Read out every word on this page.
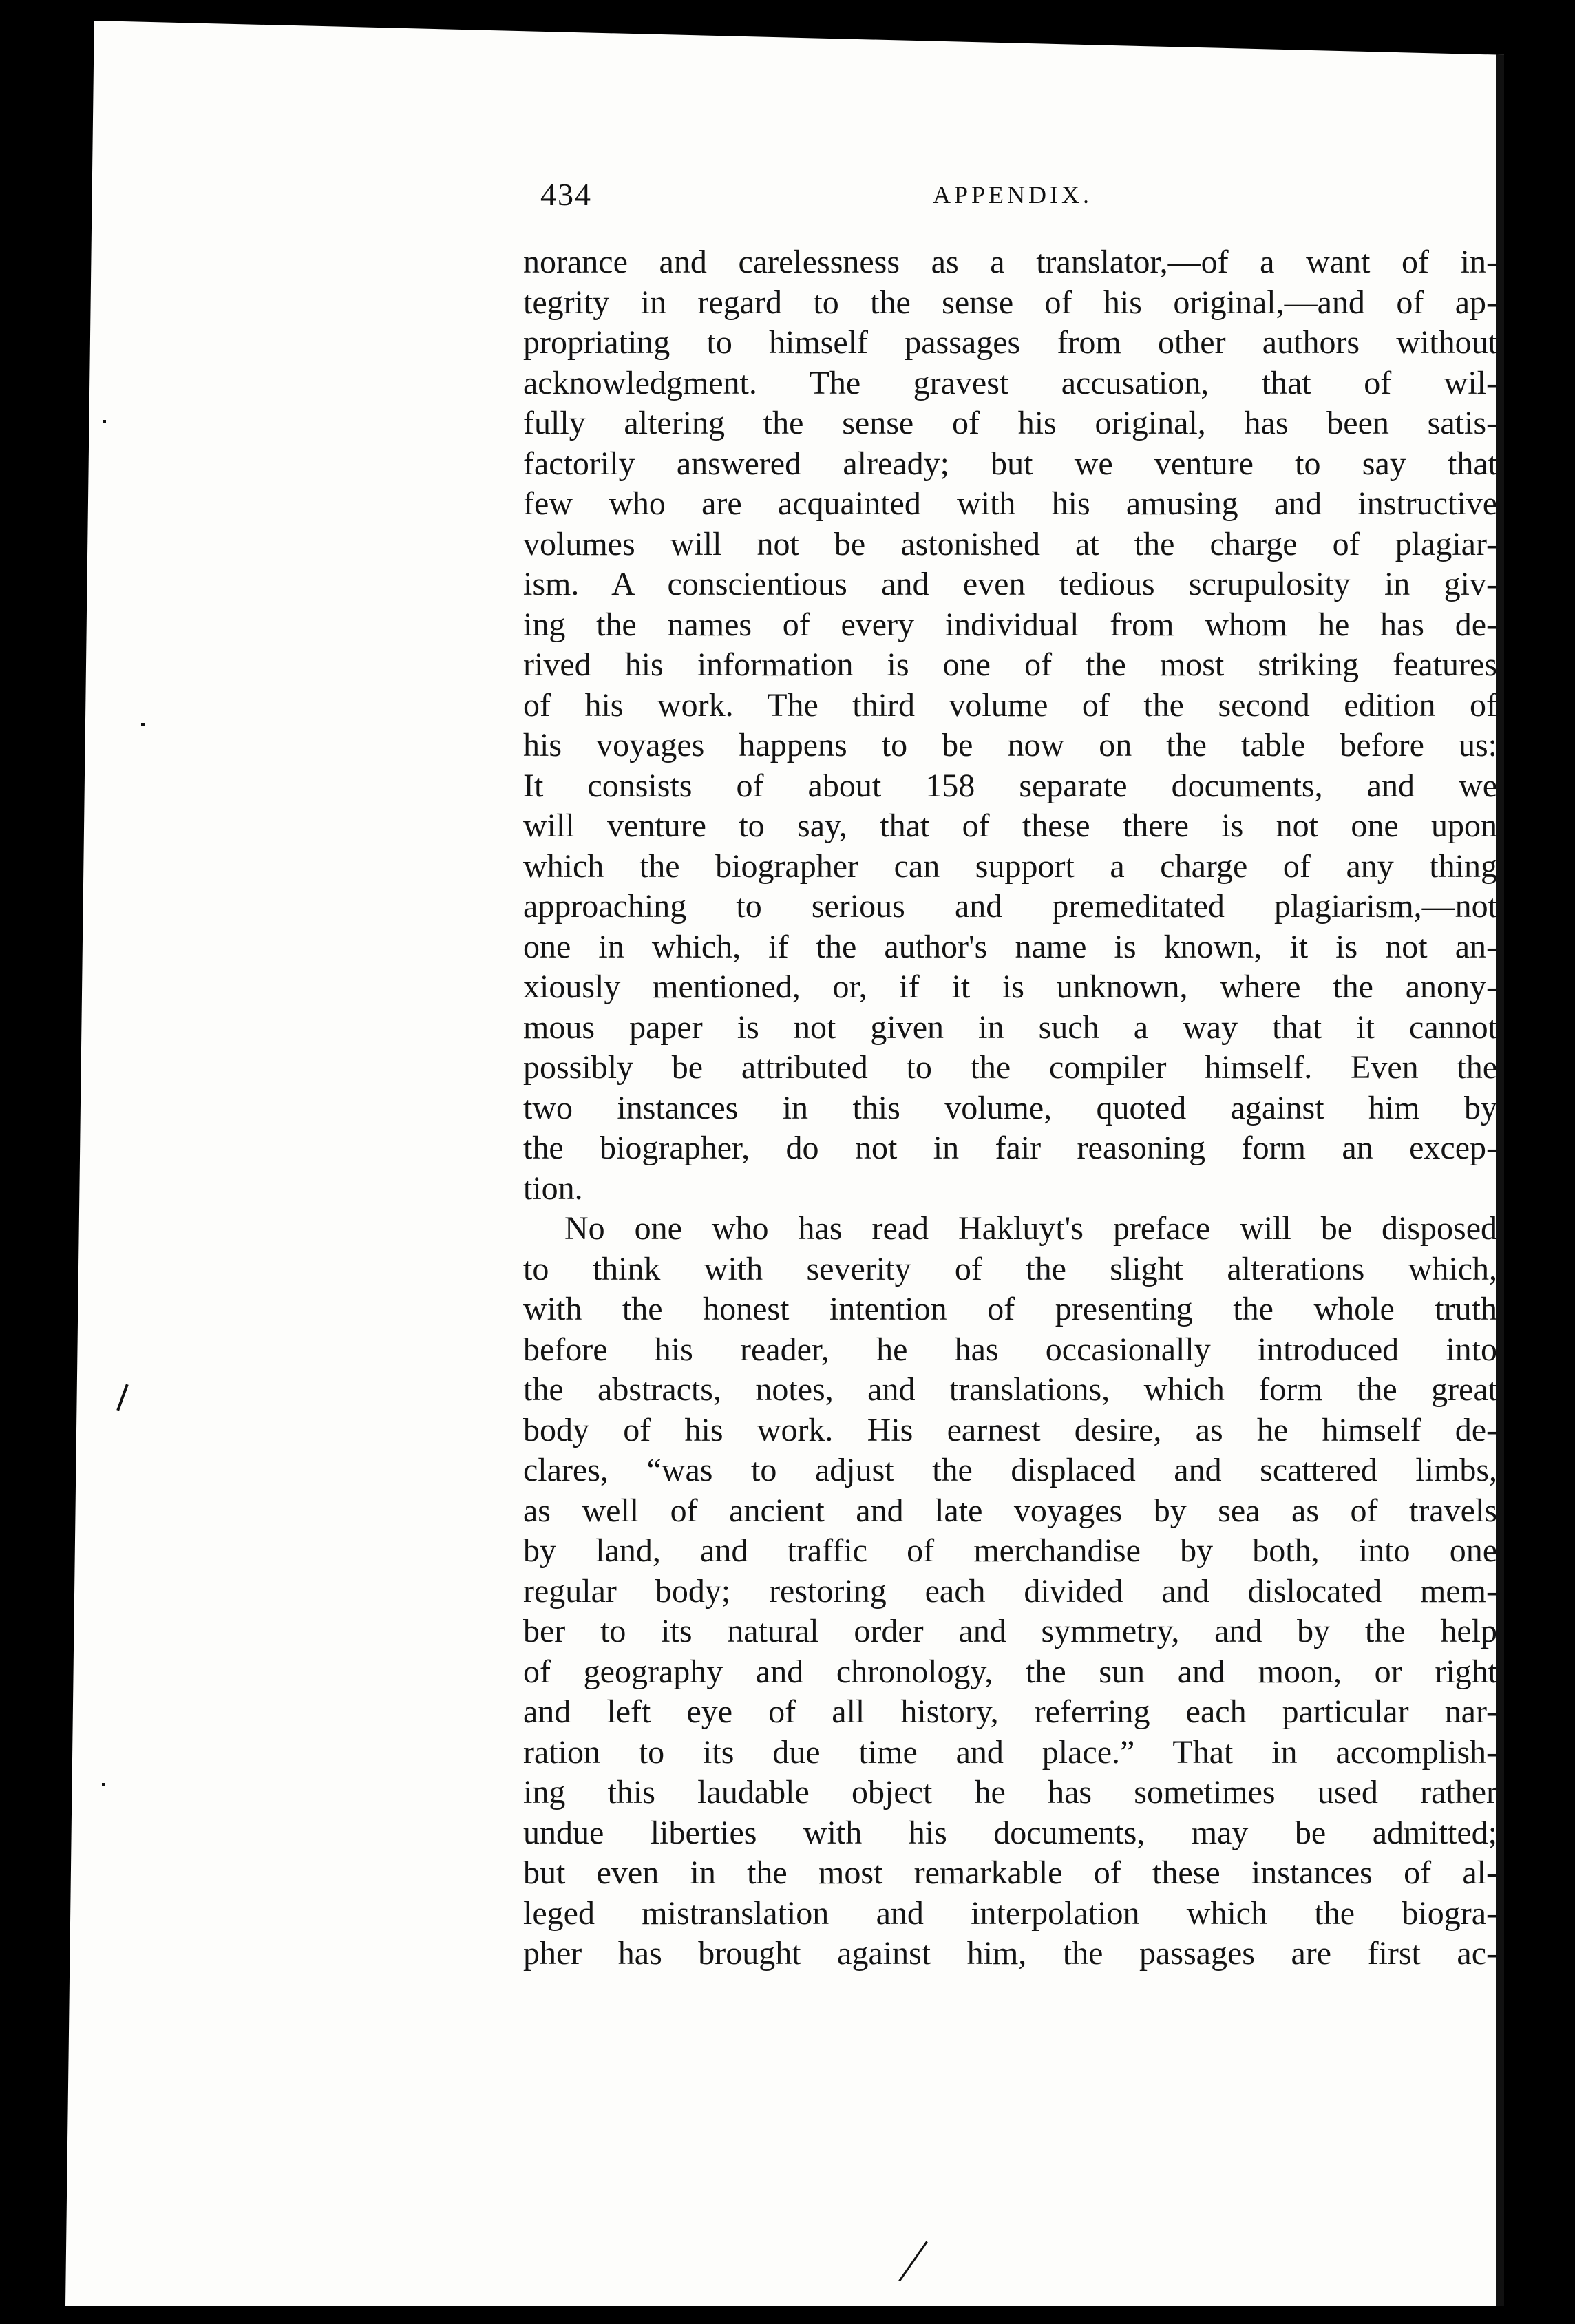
434	APPENDIX.
norance and carelessness as a translator,—of a want of in-
tegrity in regard to the sense of his original,—and of ap-
propriating to himself passages from other authors without
acknowledgment. The gravest accusation, that of wil-
fully altering the sense of his original, has been satis-
factorily answered already; but we venture to say that
few who are acquainted with his amusing and instructive
volumes will not be astonished at the charge of plagiar-
ism. A conscientious and even tedious scrupulosity in giv-
ing the names of every individual from whom he has de-
rived his information is one of the most striking features
of his work. The third volume of the second edition of
his voyages happens to be now on the table before us:
It consists of about 158 separate documents, and we
will venture to say, that of these there is not one upon
which the biographer can support a charge of any thing
approaching to serious and premeditated plagiarism,—not
one in which, if the author's name is known, it is not an-
xiously mentioned, or, if it is unknown, where the anony-
mous paper is not given in such a way that it cannot
possibly be attributed to the compiler himself. Even the
two instances in this volume, quoted against him by
the biographer, do not in fair reasoning form an excep-
tion.
No one who has read Hakluyt's preface will be disposed
to think with severity of the slight alterations which,
with the honest intention of presenting the whole truth
before his reader, he has occasionally introduced into
the abstracts, notes, and translations, which form the great
body of his work. His earnest desire, as he himself de-
clares, “was to adjust the displaced and scattered limbs,
as well of ancient and late voyages by sea as of travels
by land, and traffic of merchandise by both, into one
regular body; restoring each divided and dislocated mem-
ber to its natural order and symmetry, and by the help
of geography and chronology, the sun and moon, or right
and left eye of all history, referring each particular nar-
ration to its due time and place.” That in accomplish-
ing this laudable object he has sometimes used rather
undue liberties with his documents, may be admitted;
but even in the most remarkable of these instances of al-
leged mistranslation and interpolation which the biogra-
pher has brought against him, the passages are first ac-
